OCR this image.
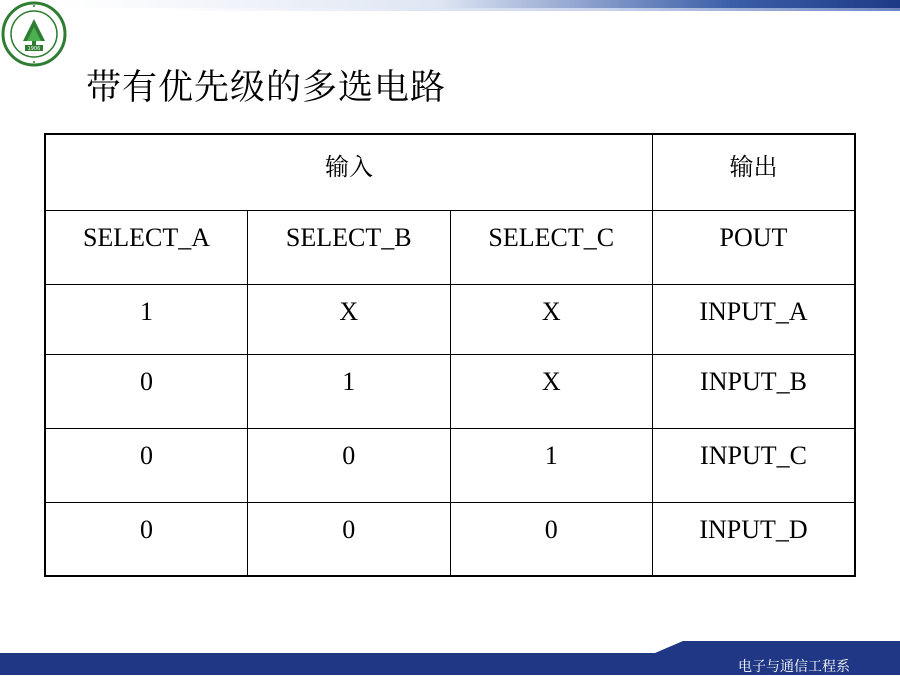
1906
带有优先级的多选电路
输入			输出
SELECT_A	SELECT_B	SELECT_C	POUT
1	X	X	INPUT_A
0	1	X	INPUT_B
0	0	1	INPUT_C
0	0	0	INPUT_D
电子与通信工程系
